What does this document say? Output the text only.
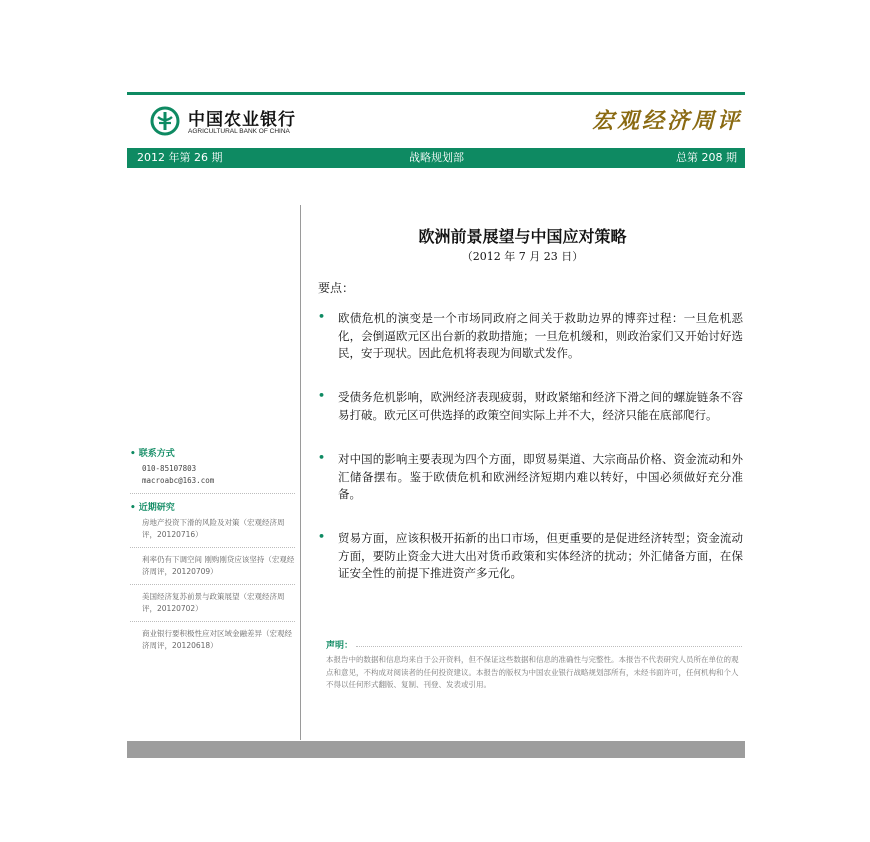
中国农业银行
AGRICULTURAL BANK OF CHINA	宏观经济周评
2012 年第 26 期	战略规划部	总第 208 期
• 联系方式
010-85107803
macroabc@163.com
• 近期研究
房地产投资下滑的风险及对策（宏观经济周评，20120716）
利率仍有下调空间 刚购刚贷应该坚持（宏观经济周评，20120709）
美国经济复苏前景与政策展望（宏观经济周评，20120702）
商业银行要积极性应对区域金融差异（宏观经济周评，20120618）
欧洲前景展望与中国应对策略
（2012 年 7 月 23 日）
要点：
• 欧债危机的演变是一个市场同政府之间关于救助边界的博弈过程：一旦危机恶化，会倒逼欧元区出台新的救助措施；一旦危机缓和，则政治家们又开始讨好选民，安于现状。因此危机将表现为间歇式发作。
• 受债务危机影响，欧洲经济表现疲弱，财政紧缩和经济下滑之间的螺旋链条不容易打破。欧元区可供选择的政策空间实际上并不大，经济只能在底部爬行。
• 对中国的影响主要表现为四个方面，即贸易渠道、大宗商品价格、资金流动和外汇储备摆布。鉴于欧债危机和欧洲经济短期内难以转好，中国必须做好充分准备。
• 贸易方面，应该积极开拓新的出口市场，但更重要的是促进经济转型；资金流动方面，要防止资金大进大出对货币政策和实体经济的扰动；外汇储备方面，在保证安全性的前提下推进资产多元化。
声明：
本报告中的数据和信息均来自于公开资料，但不保证这些数据和信息的准确性与完整性。本报告不代表研究人员所在单位的观点和意见，不构成对阅读者的任何投资建议。本报告的版权为中国农业银行战略规划部所有，未经书面许可，任何机构和个人不得以任何形式翻版、复制、刊登、发表或引用。
